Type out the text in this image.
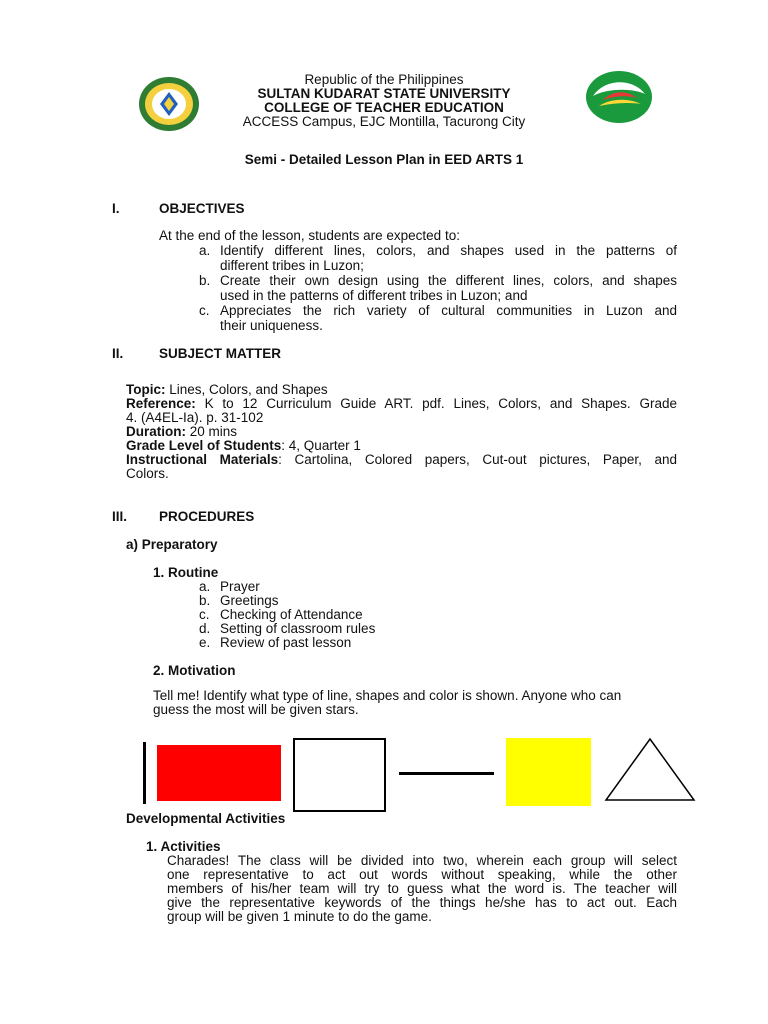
Republic of the Philippines
SULTAN KUDARAT STATE UNIVERSITY
COLLEGE OF TEACHER EDUCATION
ACCESS Campus, EJC Montilla, Tacurong City
Semi - Detailed Lesson Plan in EED ARTS 1
I.	OBJECTIVES
At the end of the lesson, students are expected to:
a. Identify different lines, colors, and shapes used in the patterns of
different tribes in Luzon;
b. Create their own design using the different lines, colors, and shapes
used in the patterns of different tribes in Luzon; and
c. Appreciates the rich variety of cultural communities in Luzon and
their uniqueness.
II.	SUBJECT MATTER
Topic: Lines, Colors, and Shapes
Reference: K to 12 Curriculum Guide ART. pdf. Lines, Colors, and Shapes. Grade
4. (A4EL-Ia). p. 31-102
Duration: 20 mins
Grade Level of Students: 4, Quarter 1
Instructional Materials: Cartolina, Colored papers, Cut-out pictures, Paper, and
Colors.
III. PROCEDURES
a) Preparatory
1. Routine
a. Prayer
b. Greetings
c. Checking of Attendance
d. Setting of classroom rules
e. Review of past lesson
2. Motivation
Tell me! Identify what type of line, shapes and color is shown. Anyone who can
guess the most will be given stars.
Developmental Activities
1. Activities
Charades! The class will be divided into two, wherein each group will select
one representative to act out words without speaking, while the other
members of his/her team will try to guess what the word is. The teacher will
give the representative keywords of the things he/she has to act out. Each
group will be given 1 minute to do the game.
